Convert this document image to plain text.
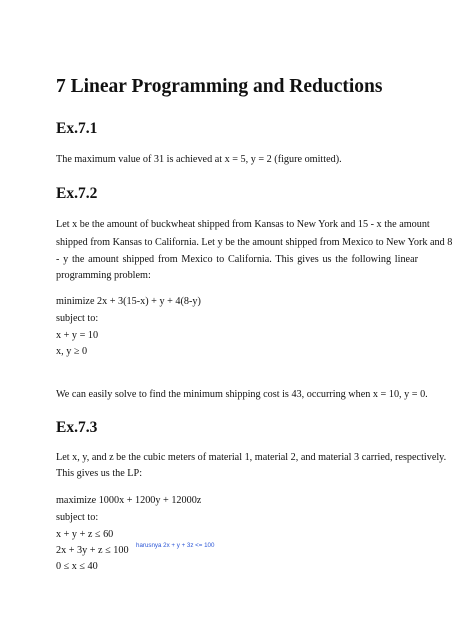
7 Linear Programming and Reductions
Ex.7.1

The maximum value of 31 is achieved at x = 5, y = 2 (figure omitted).

Ex.7.2

Let x be the amount of buckwheat shipped from Kansas to New York and 15 - x the amount

shipped from Kansas to California. Let y be the amount shipped from Mexico to New York and 8

- y the amount shipped from Mexico to California. This gives us the following linear

programming problem:

minimize 2x + 3(15-x) + y + 4(8-y)

subject to:

x + y = 10

x, y ≥ 0

We can easily solve to find the minimum shipping cost is 43, occurring when x = 10, y = 0.

Ex.7.3

Let x, y, and z be the cubic meters of material 1, material 2, and material 3 carried, respectively.

This gives us the LP:

maximize 1000x + 1200y + 12000z

subject to:

x + y + z ≤ 60

2x + 3y + z ≤ 100 harusnya 2x + y + 3z <= 100

0 ≤ x ≤ 40
